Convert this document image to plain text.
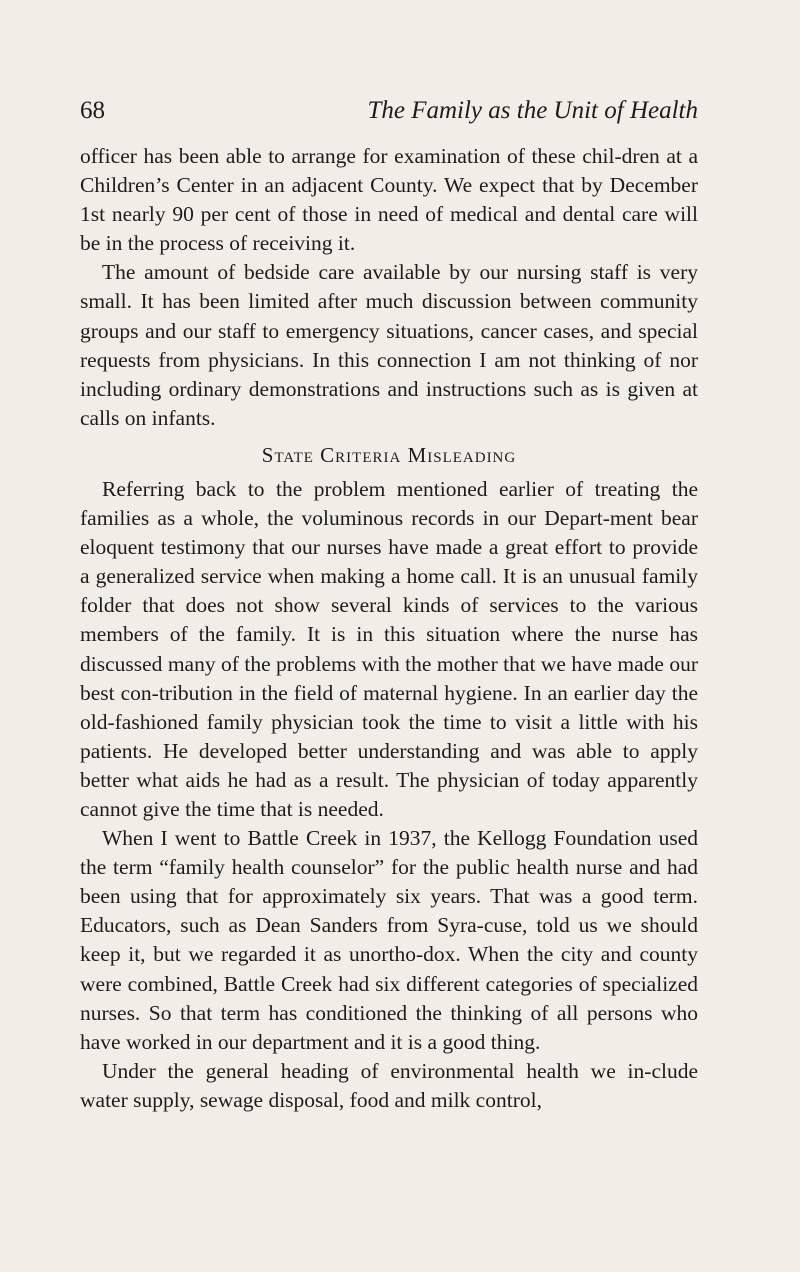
68	The Family as the Unit of Health

officer has been able to arrange for examination of these chil-dren at a Children’s Center in an adjacent County. We expect that by December 1st nearly 90 per cent of those in need of medical and dental care will be in the process of receiving it.

The amount of bedside care available by our nursing staff is very small. It has been limited after much discussion between community groups and our staff to emergency situations, cancer cases, and special requests from physicians. In this connection I am not thinking of nor including ordinary demonstrations and instructions such as is given at calls on infants.

State Criteria Misleading

Referring back to the problem mentioned earlier of treating the families as a whole, the voluminous records in our Depart-ment bear eloquent testimony that our nurses have made a great effort to provide a generalized service when making a home call. It is an unusual family folder that does not show several kinds of services to the various members of the family. It is in this situation where the nurse has discussed many of the problems with the mother that we have made our best con-tribution in the field of maternal hygiene. In an earlier day the old-fashioned family physician took the time to visit a little with his patients. He developed better understanding and was able to apply better what aids he had as a result. The physician of today apparently cannot give the time that is needed.

When I went to Battle Creek in 1937, the Kellogg Foundation used the term “family health counselor” for the public health nurse and had been using that for approximately six years. That was a good term. Educators, such as Dean Sanders from Syra-cuse, told us we should keep it, but we regarded it as unortho-dox. When the city and county were combined, Battle Creek had six different categories of specialized nurses. So that term has conditioned the thinking of all persons who have worked in our department and it is a good thing.

Under the general heading of environmental health we in-clude water supply, sewage disposal, food and milk control,
